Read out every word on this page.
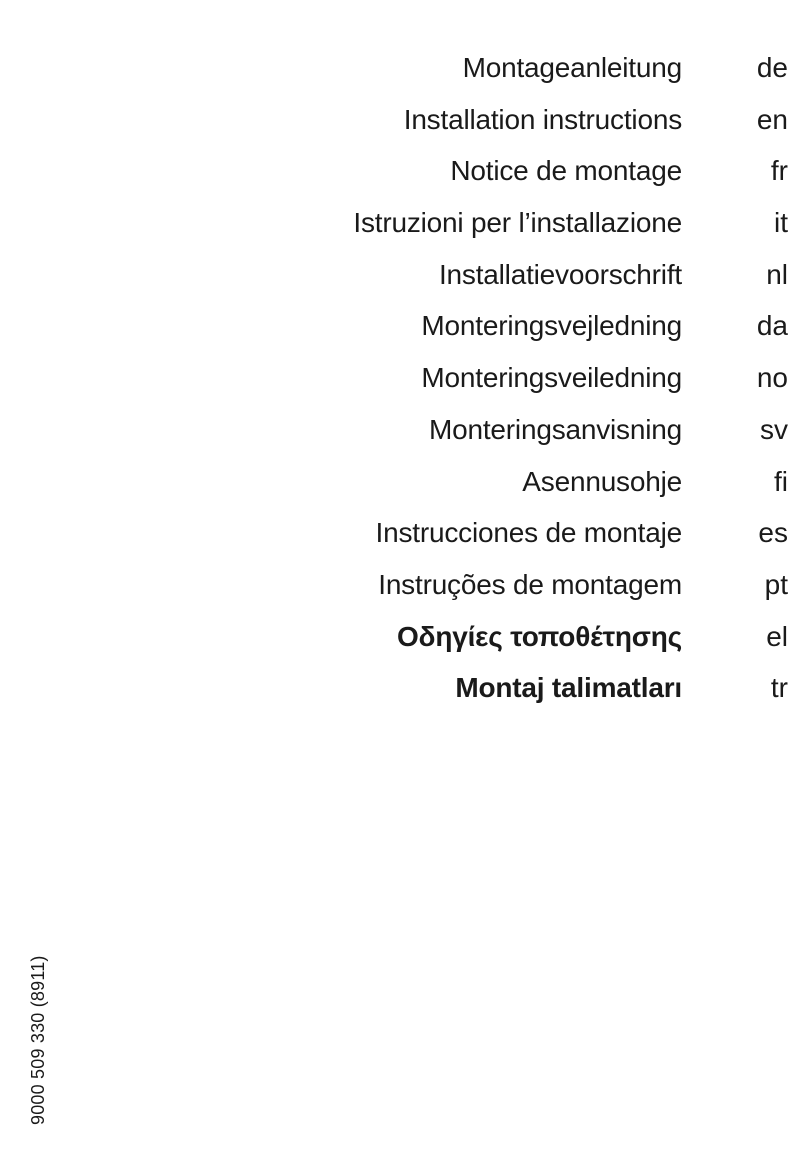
Montageanleitung	de
Installation instructions	en
Notice de montage	fr
Istruzioni per l’installazione	it
Installatievoorschrift	nl
Monteringsvejledning	da
Monteringsveiledning	no
Monteringsanvisning	sv
Asennusohje	fi
Instrucciones de montaje	es
Instruções de montagem	pt
Οδηγίες τοποθέτησης	el
Montaj talimatları	tr
9000 509 330 (8911)
